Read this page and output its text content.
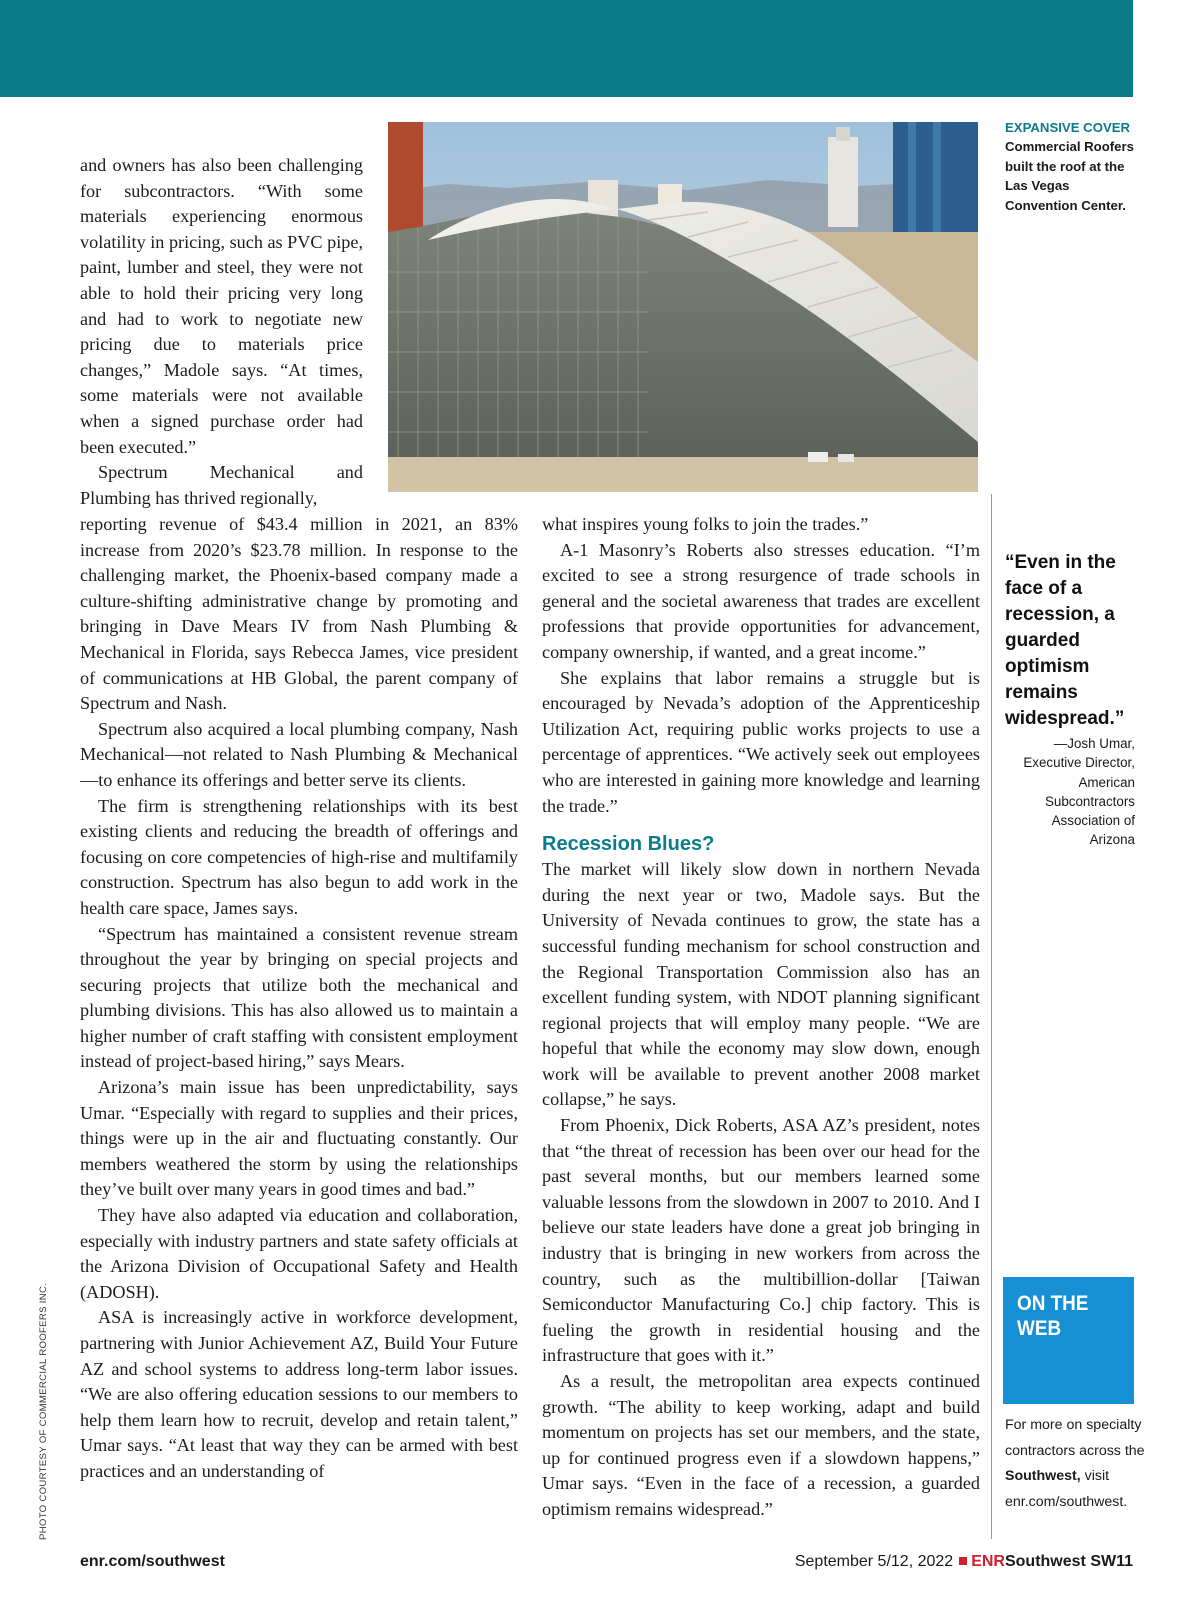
and owners has also been challenging for subcontractors. “With some materials experiencing enormous volatility in pricing, such as PVC pipe, paint, lumber and steel, they were not able to hold their pricing very long and had to work to negotiate new pricing due to materials price changes,” Madole says. “At times, some materials were not available when a signed purchase order had been executed.”

Spectrum Mechanical and Plumbing has thrived regionally,

reporting revenue of $43.4 million in 2021, an 83% increase from 2020’s $23.78 million. In response to the challenging market, the Phoenix-based company made a culture-shifting administrative change by promoting and bringing in Dave Mears IV from Nash Plumbing & Mechanical in Florida, says Rebecca James, vice president of communications at HB Global, the parent company of Spectrum and Nash.

Spectrum also acquired a local plumbing company, Nash Mechanical—not related to Nash Plumbing & Mechanical—to enhance its offerings and better serve its clients.

The firm is strengthening relationships with its best existing clients and reducing the breadth of offerings and focusing on core competencies of high-rise and multifamily construction. Spectrum has also begun to add work in the health care space, James says.

“Spectrum has maintained a consistent revenue stream throughout the year by bringing on special projects and securing projects that utilize both the mechanical and plumbing divisions. This has also allowed us to maintain a higher number of craft staffing with consistent employment instead of project-based hiring,” says Mears.

Arizona’s main issue has been unpredictability, says Umar. “Especially with regard to supplies and their prices, things were up in the air and fluctuating constantly. Our members weathered the storm by using the relationships they’ve built over many years in good times and bad.”

They have also adapted via education and collaboration, especially with industry partners and state safety officials at the Arizona Division of Occupational Safety and Health (ADOSH).

ASA is increasingly active in workforce development, partnering with Junior Achievement AZ, Build Your Future AZ and school systems to address long-term labor issues. “We are also offering education sessions to our members to help them learn how to recruit, develop and retain talent,” Umar says. “At least that way they can be armed with best practices and an understanding of

what inspires young folks to join the trades.”

A-1 Masonry’s Roberts also stresses education. “I’m excited to see a strong resurgence of trade schools in general and the societal awareness that trades are excellent professions that provide opportunities for advancement, company ownership, if wanted, and a great income.”

She explains that labor remains a struggle but is encouraged by Nevada’s adoption of the Apprenticeship Utilization Act, requiring public works projects to use a percentage of apprentices. “We actively seek out employees who are interested in gaining more knowledge and learning the trade.”

Recession Blues?

The market will likely slow down in northern Nevada during the next year or two, Madole says. But the University of Nevada continues to grow, the state has a successful funding mechanism for school construction and the Regional Transportation Commission also has an excellent funding system, with NDOT planning significant regional projects that will employ many people. “We are hopeful that while the economy may slow down, enough work will be available to prevent another 2008 market collapse,” he says.

From Phoenix, Dick Roberts, ASA AZ’s president, notes that “the threat of recession has been over our head for the past several months, but our members learned some valuable lessons from the slowdown in 2007 to 2010. And I believe our state leaders have done a great job bringing in industry that is bringing in new workers from across the country, such as the multibillion-dollar [Taiwan Semiconductor Manufacturing Co.] chip factory. This is fueling the growth in residential housing and the infrastructure that goes with it.”

As a result, the metropolitan area expects continued growth. “The ability to keep working, adapt and build momentum on projects has set our members, and the state, up for continued progress even if a slowdown happens,” Umar says. “Even in the face of a recession, a guarded optimism remains widespread.”

EXPANSIVE COVER
Commercial Roofers built the roof at the Las Vegas Convention Center.
“Even in the face of a recession, a guarded optimism remains widespread.”
—Josh Umar, Executive Director, American Subcontractors Association of Arizona
ON THE WEB
For more on specialty contractors across the Southwest, visit enr.com/southwest.
PHOTO COURTESY OF COMMERCIAL ROOFERS INC.
enr.com/southwest	September 5/12, 2022 ENRSouthwest SW11
